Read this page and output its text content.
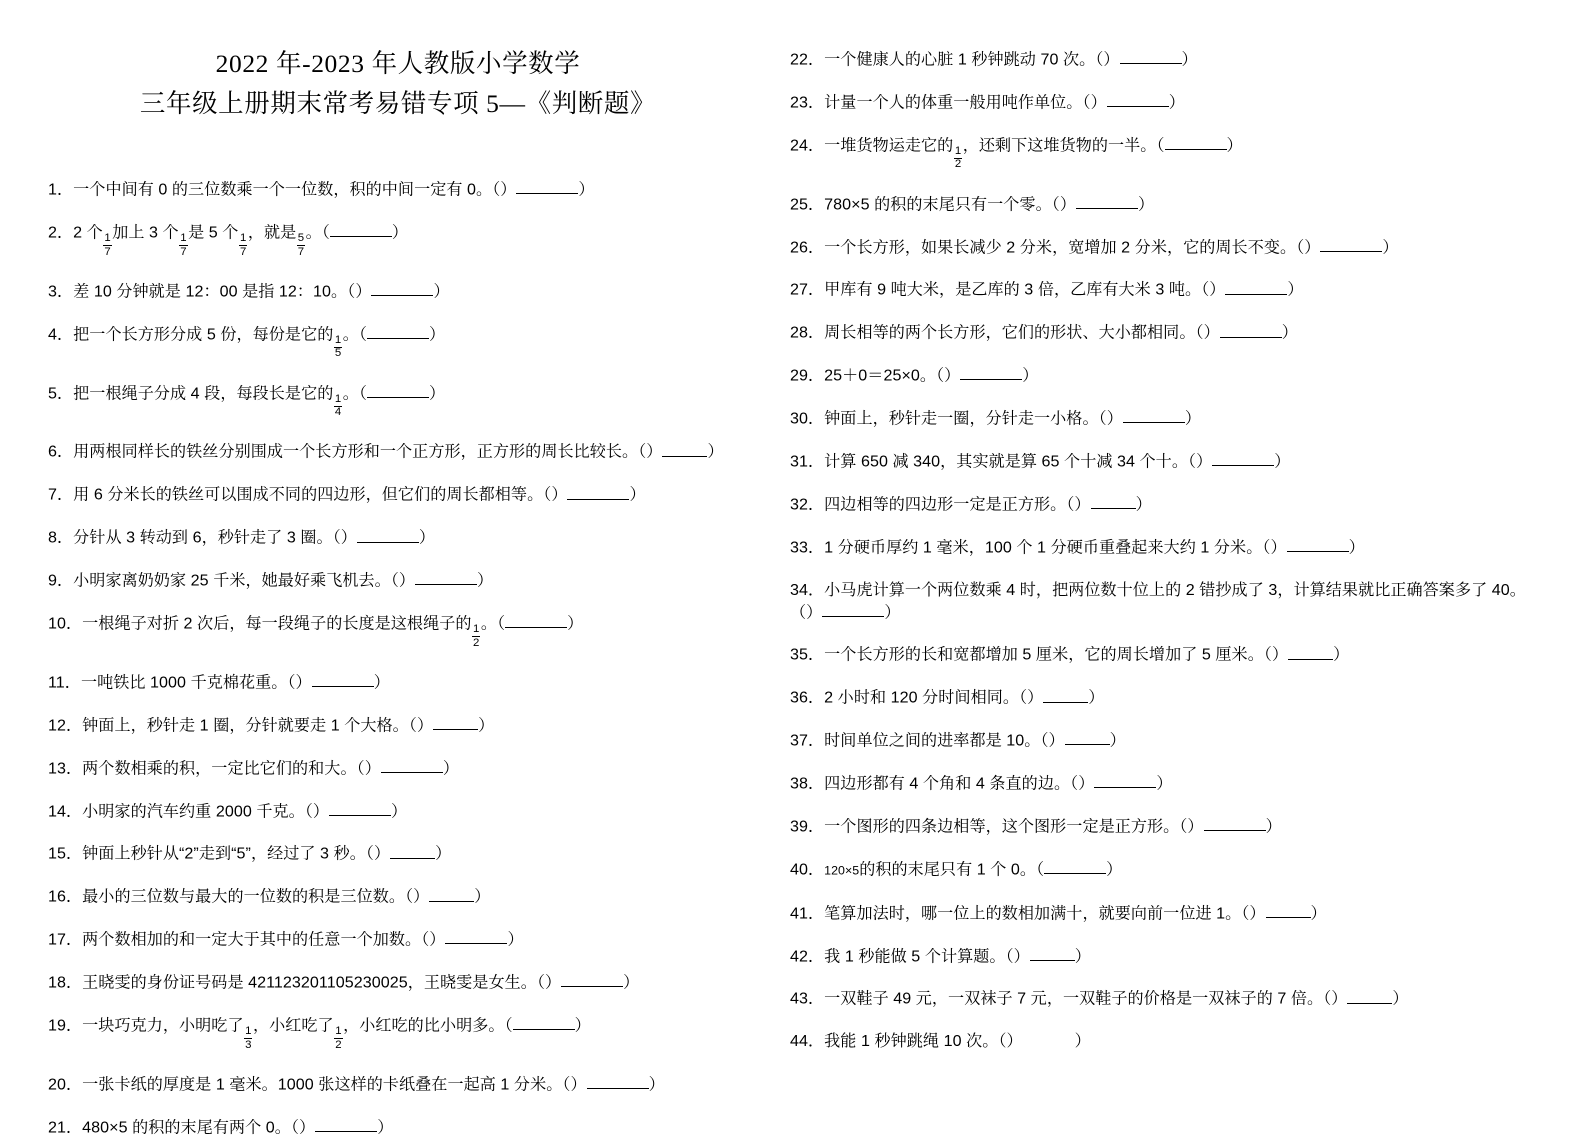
2022 年-2023 年人教版小学数学
三年级上册期末常考易错专项 5—《判断题》
1．一个中间有 0 的三位数乘一个一位数，积的中间一定有 0。（）	）
2．2 个
$\frac{1}{7}$
加上 3 个
$\frac{1}{7}$
是 5 个
$\frac{1}{7}$
，就是
$\frac{5}{7}$
。（	）
3．差 10 分钟就是 12：00 是指 12：10。（）	）
4．把一个长方形分成 5 份，每份是它的
$\frac{1}{5}$
。（	）
5．把一根绳子分成 4 段，每段长是它的
$\frac{1}{4}$
。（	）
6．用两根同样长的铁丝分别围成一个长方形和一个正方形，正方形的周长比较长。（）	）
7．用 6 分米长的铁丝可以围成不同的四边形，但它们的周长都相等。（）	）
8．分针从 3 转动到 6，秒针走了 3 圈。（）	）
9．小明家离奶奶家 25 千米，她最好乘飞机去。（）	）
10．一根绳子对折 2 次后，每一段绳子的长度是这根绳子的
$\frac{1}{2}$
。（	）
11．一吨铁比 1000 千克棉花重。（）	）
12．钟面上，秒针走 1 圈，分针就要走 1 个大格。（）	）
13．两个数相乘的积，一定比它们的和大。（）	）
14．小明家的汽车约重 2000 千克。（）	）
15．钟面上秒针从“2”走到“5”，经过了 3 秒。（）	）
16．最小的三位数与最大的一位数的积是三位数。（）	）
17．两个数相加的和一定大于其中的任意一个加数。（）	）
18．王晓雯的身份证号码是 421123201105230025，王晓雯是女生。（）	）
19．一块巧克力，小明吃了
$\frac{1}{3}$
，小红吃了
$\frac{1}{2}$
，小红吃的比小明多。（	）
20．一张卡纸的厚度是 1 毫米。1000 张这样的卡纸叠在一起高 1 分米。（）	）
21．480×5 的积的末尾有两个 0。（）	）
22．一个健康人的心脏 1 秒钟跳动 70 次。（）	）
23．计量一个人的体重一般用吨作单位。（）	）
24．一堆货物运走它的
$\frac{1}{2}$
，还剩下这堆货物的一半。（	）
25．780×5 的积的末尾只有一个零。（）	）
26．一个长方形，如果长减少 2 分米，宽增加 2 分米，它的周长不变。（）	）
27．甲库有 9 吨大米，是乙库的 3 倍，乙库有大米 3 吨。（）	）
28．周长相等的两个长方形，它们的形状、大小都相同。（）	）
29．25＋0＝25×0。（）	）
30．钟面上，秒针走一圈，分针走一小格。（）	）
31．计算 650 减 340，其实就是算 65 个十减 34 个十。（）	）
32．四边相等的四边形一定是正方形。（）	）
33．1 分硬币厚约 1 毫米，100 个 1 分硬币重叠起来大约 1 分米。（）	）
34．小马虎计算一个两位数乘 4 时，把两位数十位上的 2 错抄成了 3，计算结果就比正确答案多了 40。（）	）
35．一个长方形的长和宽都增加 5 厘米，它的周长增加了 5 厘米。（）	）
36．2 小时和 120 分时间相同。（）	）
37．时间单位之间的进率都是 10。（）	）
38．四边形都有 4 个角和 4 条直的边。（）	）
39．一个图形的四条边相等，这个图形一定是正方形。（）	）
40．120×5的积的末尾只有 1 个 0。（	）
41．笔算加法时，哪一位上的数相加满十，就要向前一位进 1。（）	）
42．我 1 秒能做 5 个计算题。（）	）
43．一双鞋子 49 元，一双袜子 7 元，一双鞋子的价格是一双袜子的 7 倍。（）	）
44．我能 1 秒钟跳绳 10 次。（）	）
